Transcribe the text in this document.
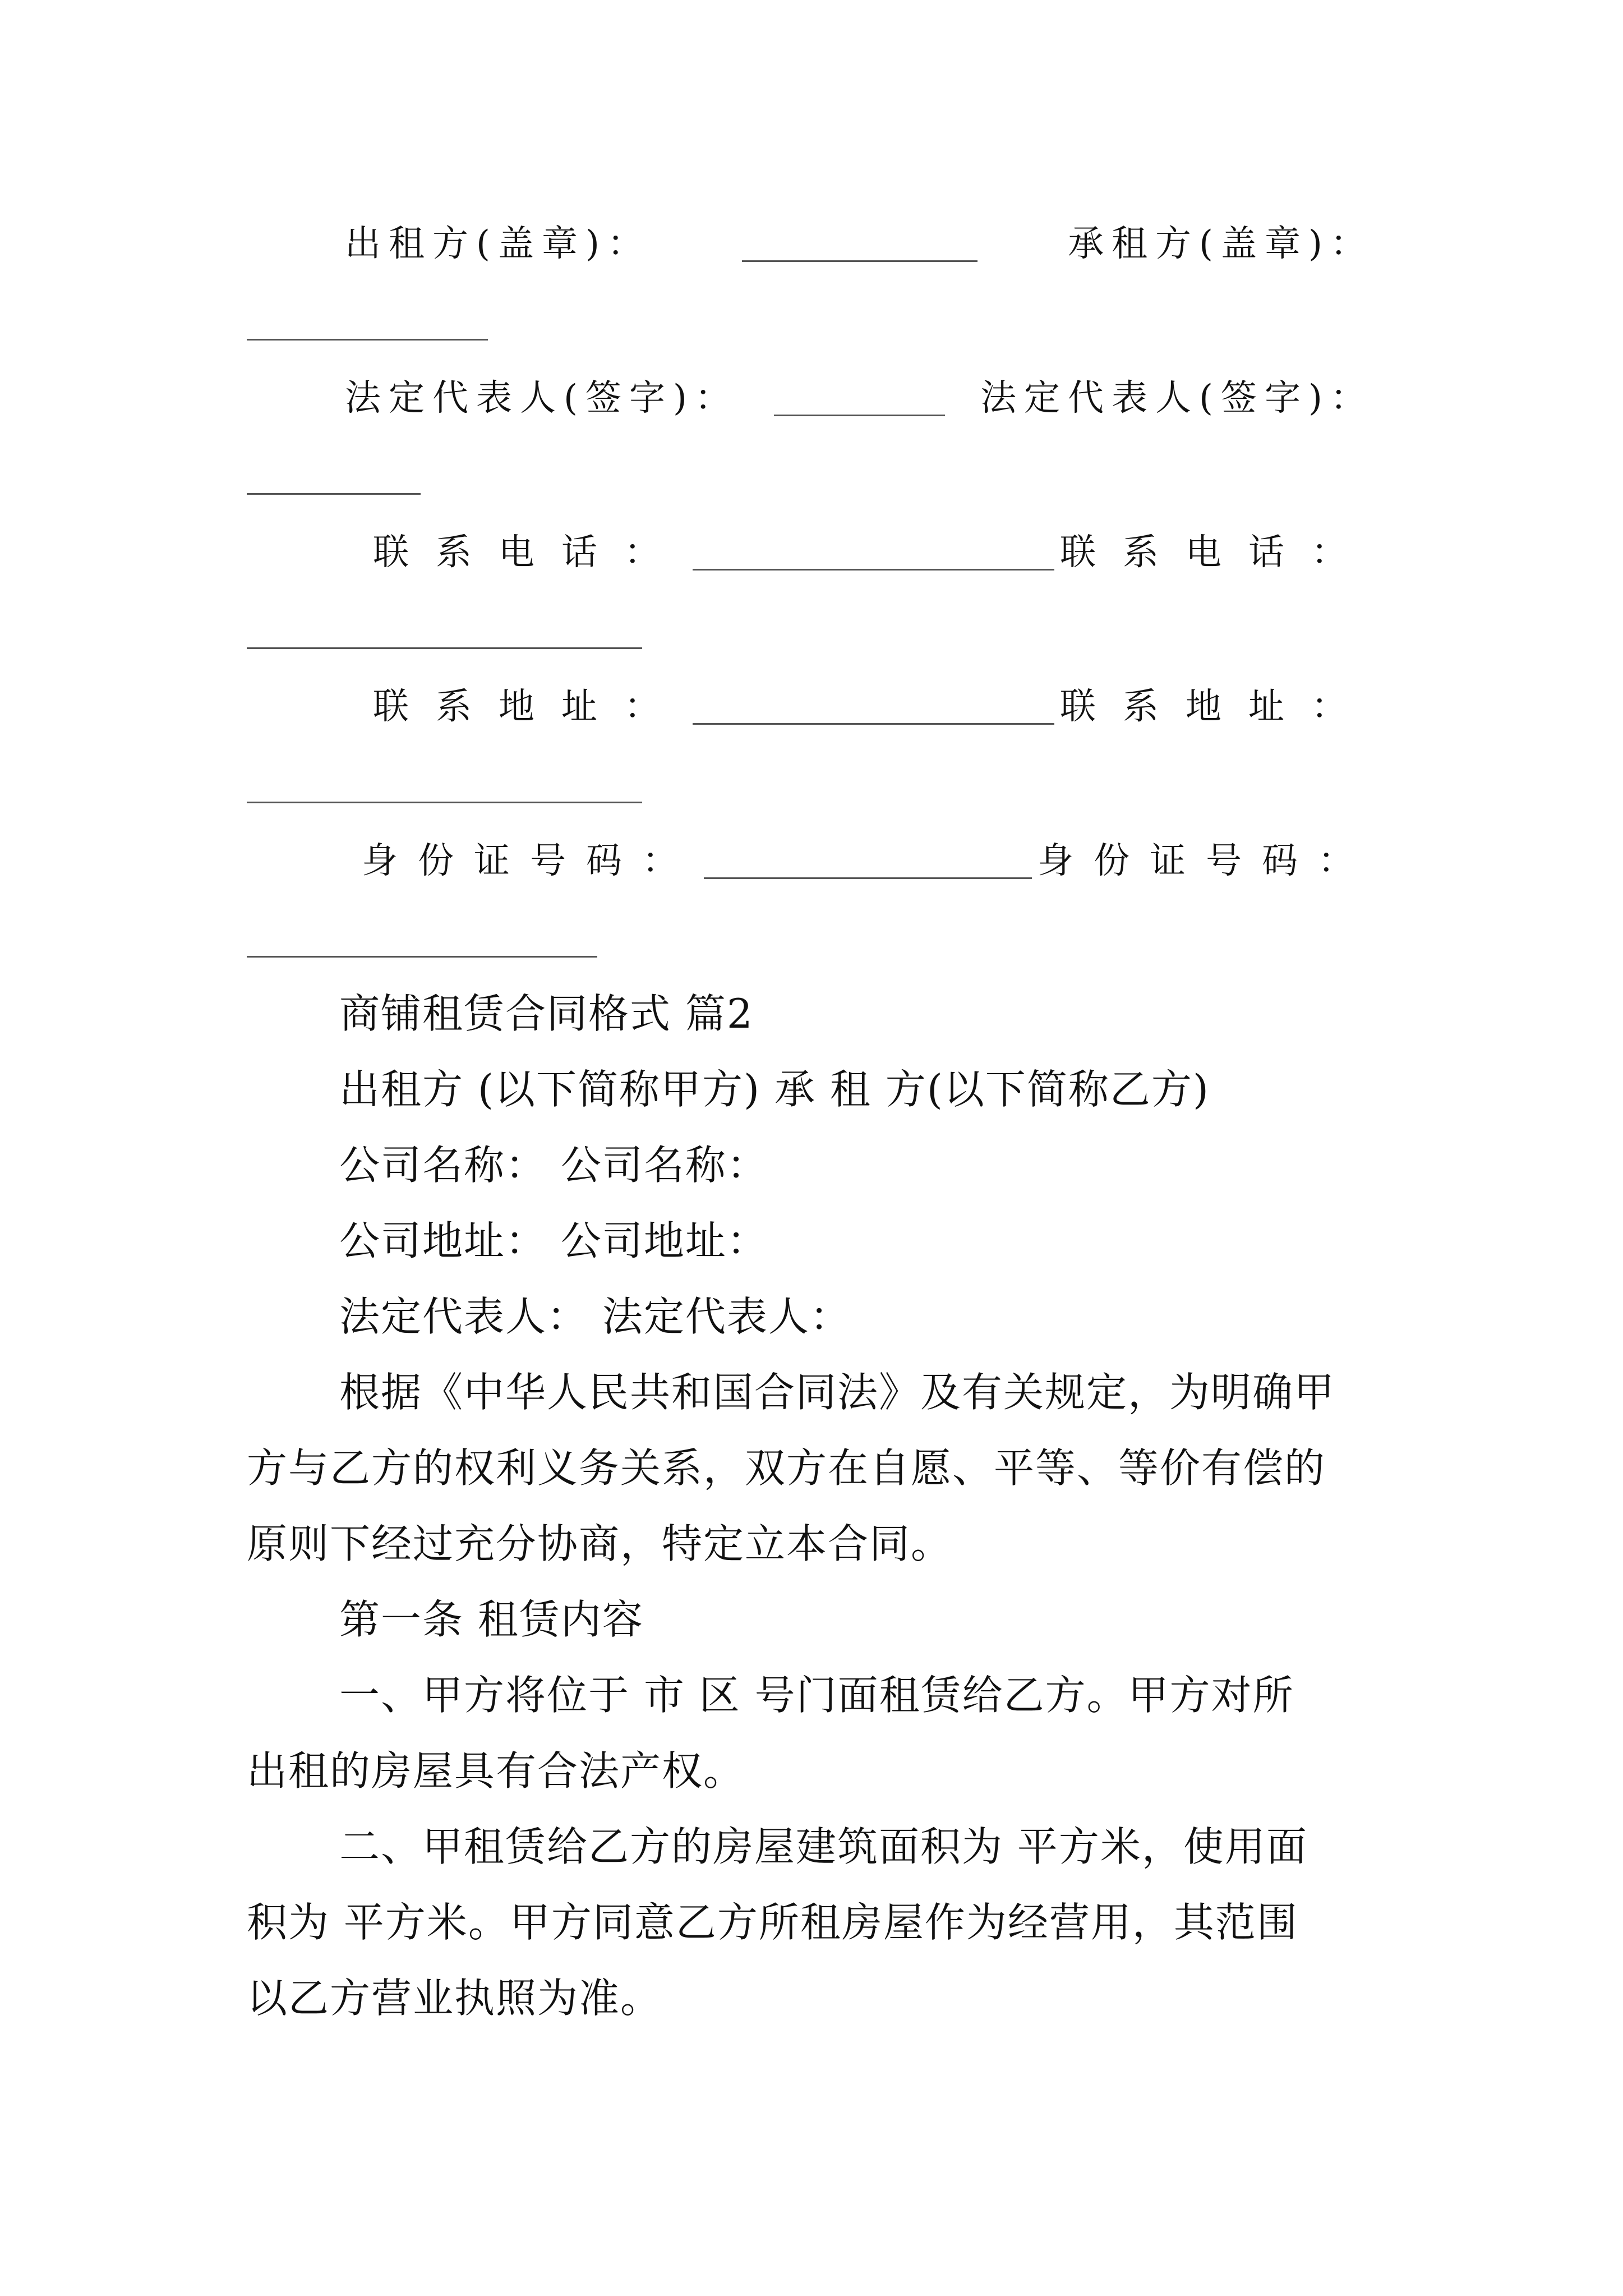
出租方(盖章)：	承租方(盖章)：
法定代表人(签字)：	法定代表人(签字)：
联系电话：	联系电话：
联系地址：	联系地址：
身份证号码：	身份证号码：
商铺租赁合同格式 篇2
出租方 (以下简称甲方) 承 租 方(以下简称乙方)
公司名称： 公司名称：
公司地址： 公司地址：
法定代表人： 法定代表人：
根据《中华人民共和国合同法》及有关规定，为明确甲
方与乙方的权利义务关系，双方在自愿、平等、等价有偿的
原则下经过充分协商，特定立本合同。
第一条 租赁内容
一、甲方将位于 市 区 号门面租赁给乙方。甲方对所
出租的房屋具有合法产权。
二、甲租赁给乙方的房屋建筑面积为 平方米，使用面
积为 平方米。甲方同意乙方所租房屋作为经营用，其范围
以乙方营业执照为准。
